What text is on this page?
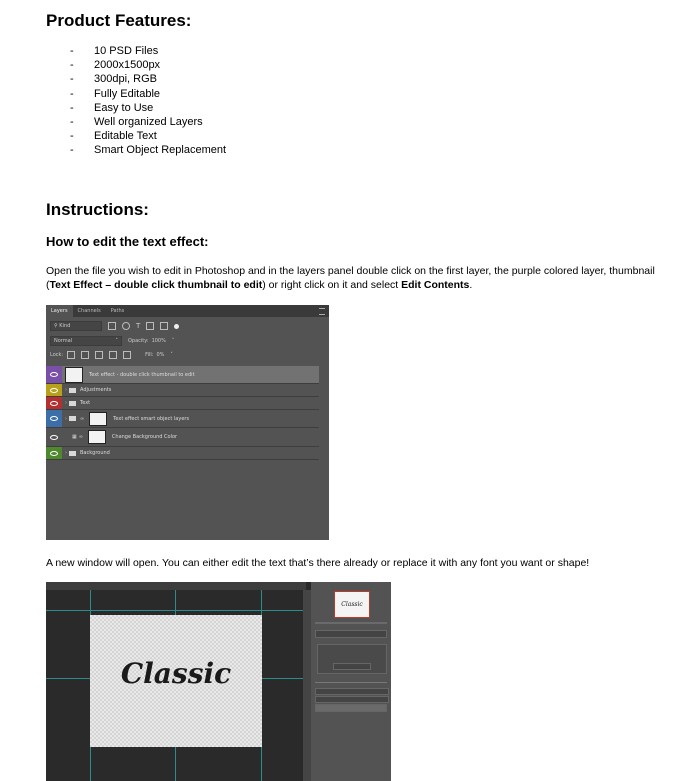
Product Features:
- 10 PSD Files
- 2000x1500px
- 300dpi, RGB
- Fully Editable
- Easy to Use
- Well organized Layers
- Editable Text
- Smart Object Replacement
Instructions:
How to edit the text effect:

Open the file you wish to edit in Photoshop and in the layers panel double click on the first layer, the purple colored layer, thumbnail (Text Effect – double click thumbnail to edit) or right click on it and select Edit Contents.

Layers	Channels	Paths
⚲ Kind	T
Normal	˅ Opacity: 100% ˅
Lock:	Fill: 0% ˅
Text effect - double click thumbnail to edit
›	Adjustments
›	Text
›	∞	Text effect smart object layers
▦ ∞	Change Background Color
›	Background

A new window will open. You can either edit the text that’s there already or replace it with any font you want or shape!

Classic
Classic
